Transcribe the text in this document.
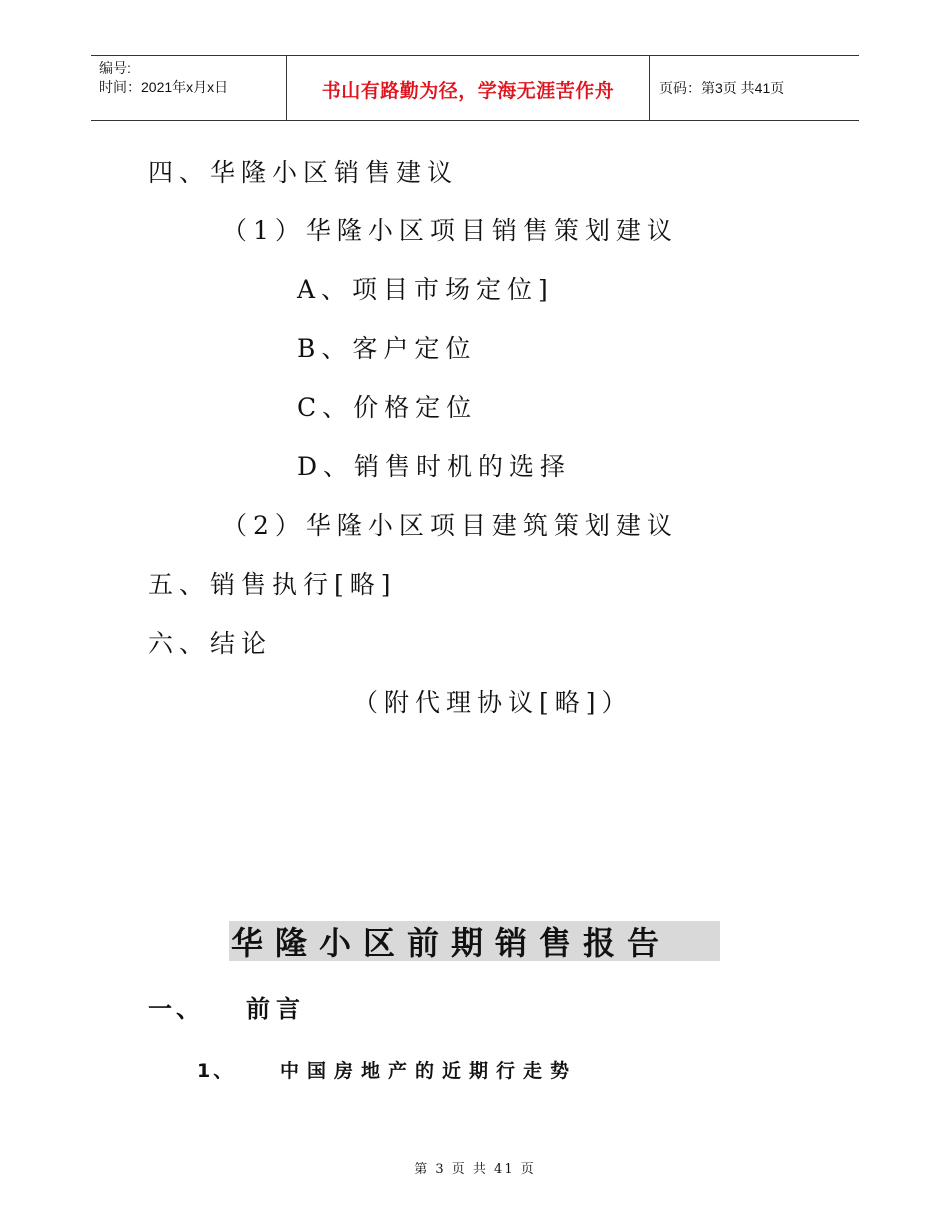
编号:
时间：2021年x月x日	书山有路勤为径，学海无涯苦作舟	页码：第3页 共41页
四、华隆小区销售建议
（1）华隆小区项目销售策划建议
A、项目市场定位]
B、客户定位
C、价格定位
D、销售时机的选择
（2）华隆小区项目建筑策划建议
五、销售执行[略]
六、结论
（附代理协议[略]）
华隆小区前期销售报告
一、 前言
1、 中国房地产的近期行走势
第 3 页 共 41 页
